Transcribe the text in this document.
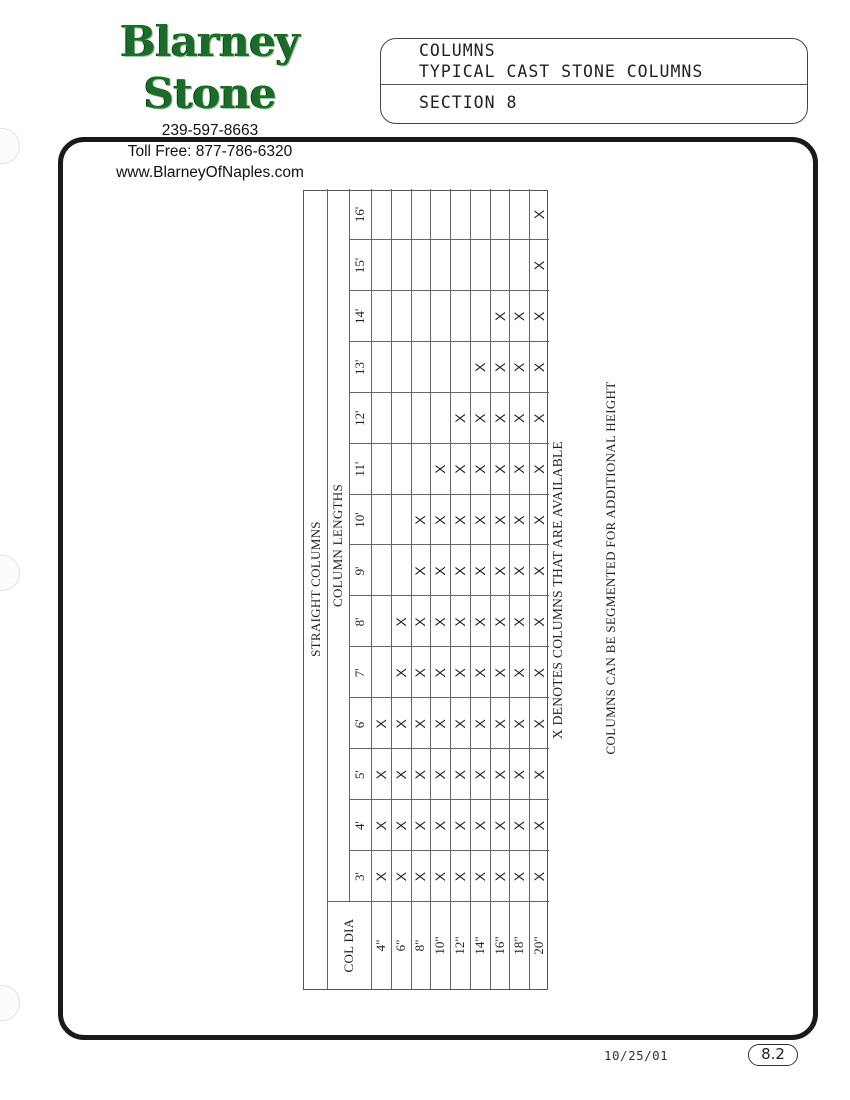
Blarney Stone
239-597-8663
Toll Free: 877-786-6320
www.BlarneyOfNaples.com
COLUMNS
TYPICAL CAST STONE COLUMNS
SECTION 8
STRAIGHT COLUMNS COLUMN LENGTHS
COL DIA
3'
4'
5'
6'
7'
8'
9'
10'
11'
12'
13'
14'
15'
16'
4"
X
X
X
X
6"
X
X
X
X
X
X
8"
X
X
X
X
X
X
X
X
10"
X
X
X
X
X
X
X
X
X
12"
X
X
X
X
X
X
X
X
X
X
14"
X
X
X
X
X
X
X
X
X
X
X
16"
X
X
X
X
X
X
X
X
X
X
X
X
18"
X
X
X
X
X
X
X
X
X
X
X
X
20"
X
X
X
X
X
X
X
X
X
X
X
X
X
X
X DENOTES COLUMNS THAT ARE AVAILABLE	COLUMNS CAN BE SEGMENTED FOR ADDITIONAL HEIGHT
10/25/01	8.2
